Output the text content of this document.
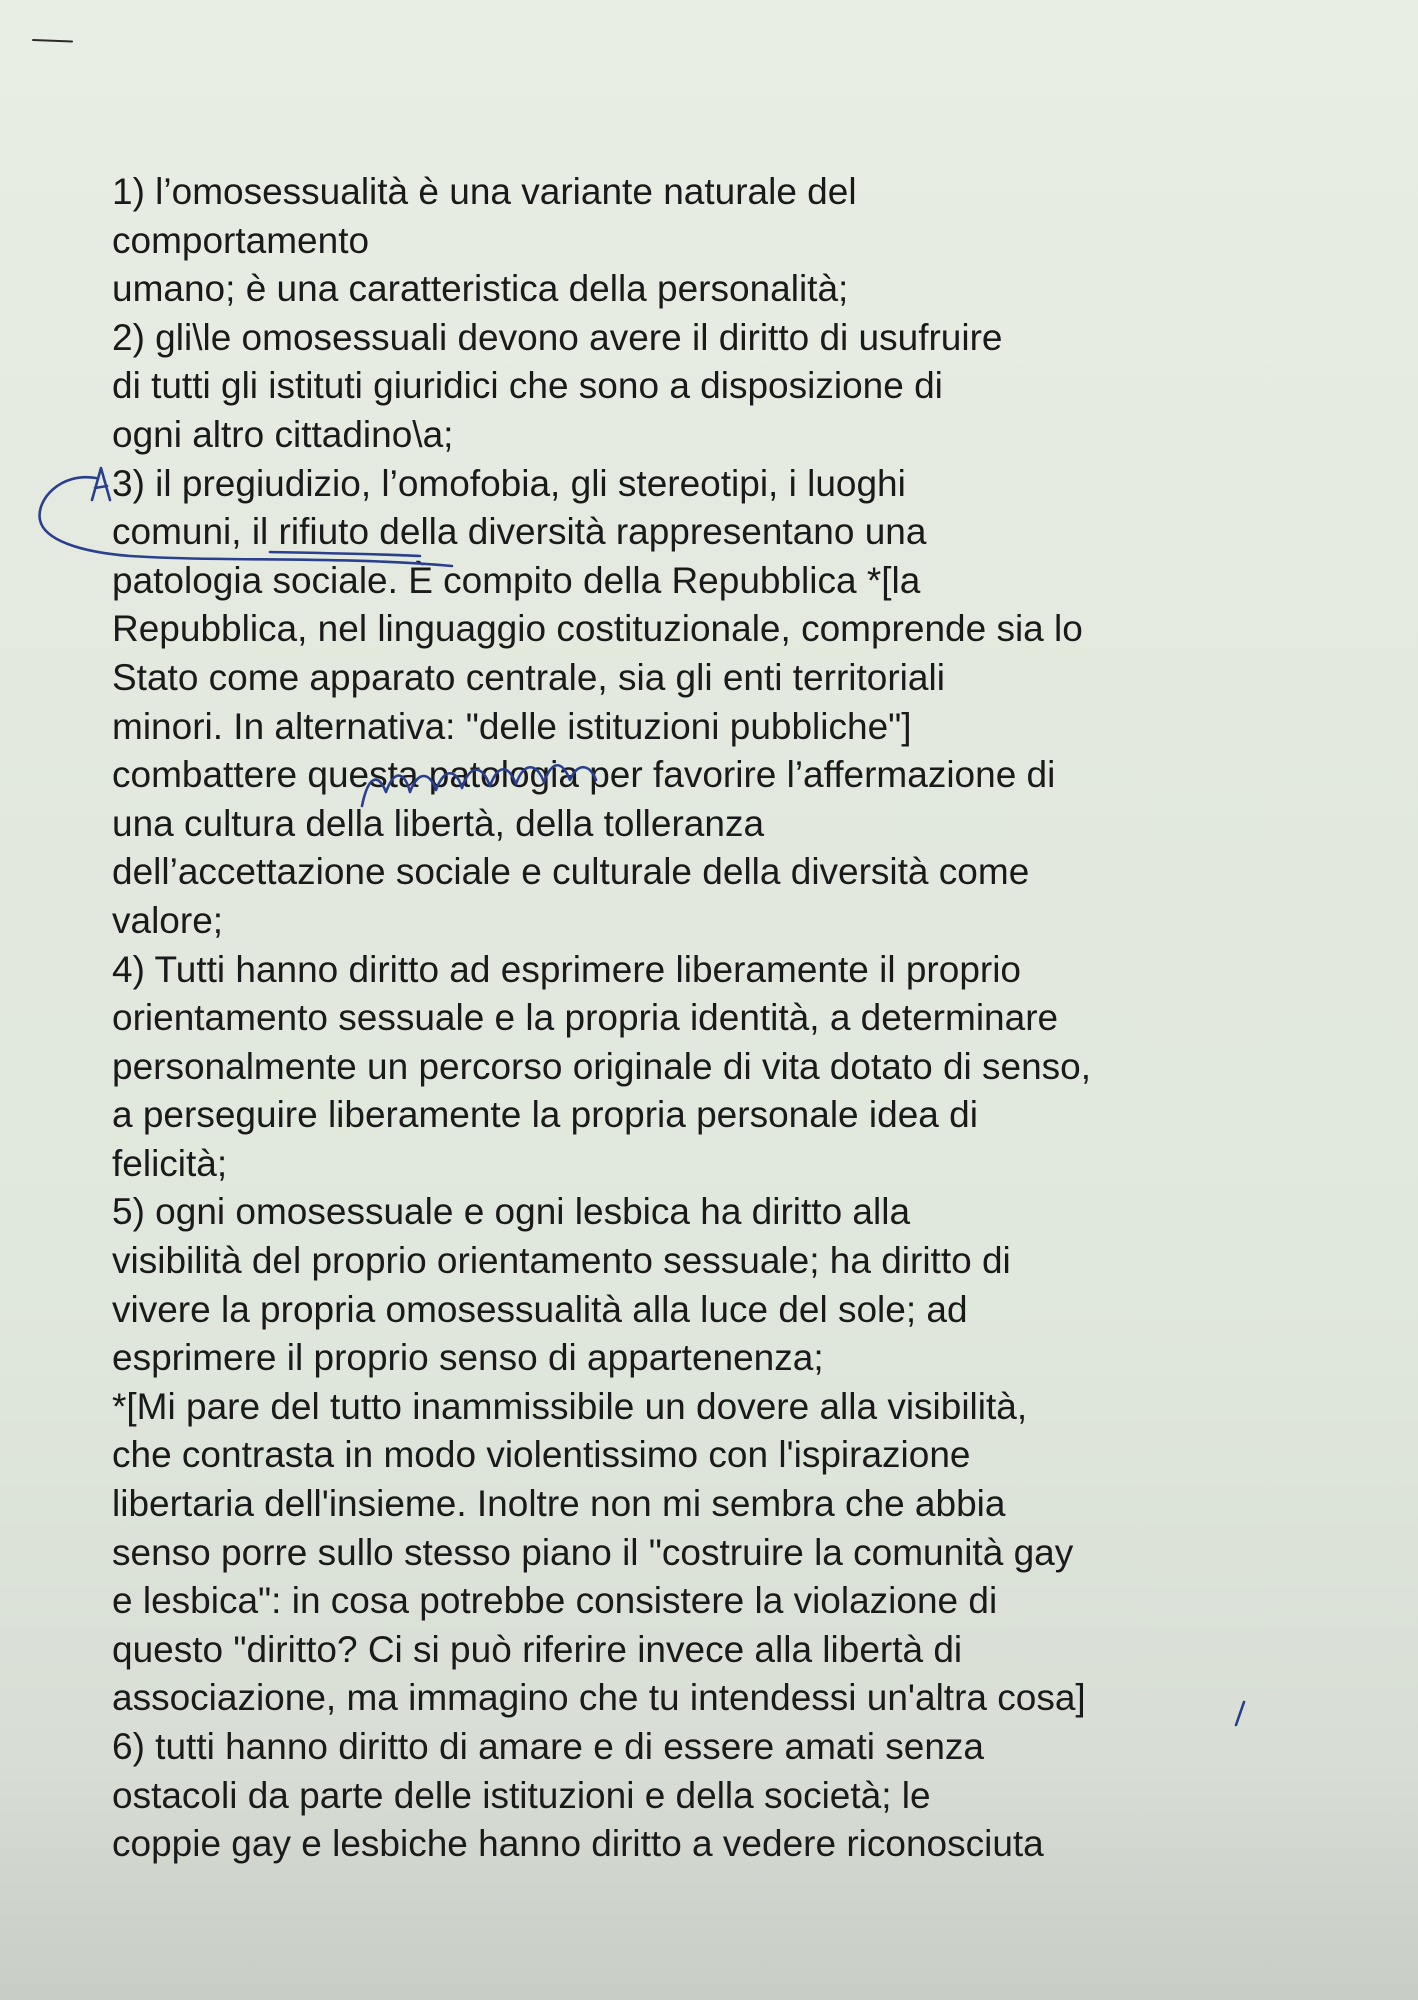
1) l’omosessualità è una variante naturale del
comportamento
umano; è una caratteristica della personalità;
2) gli\le omosessuali devono avere il diritto di usufruire
di tutti gli istituti giuridici che sono a disposizione di
ogni altro cittadino\a;
3) il pregiudizio, l’omofobia, gli stereotipi, i luoghi
comuni, il rifiuto della diversità rappresentano una
patologia sociale. È compito della Repubblica *[la
Repubblica, nel linguaggio costituzionale, comprende sia lo
Stato come apparato centrale, sia gli enti territoriali
minori. In alternativa: "delle istituzioni pubbliche"]
combattere questa patologia per favorire l’affermazione di
una cultura della libertà, della tolleranza
dell’accettazione sociale e culturale della diversità come
valore;
4) Tutti hanno diritto ad esprimere liberamente il proprio
orientamento sessuale e la propria identità, a determinare
personalmente un percorso originale di vita dotato di senso,
a perseguire liberamente la propria personale idea di
felicità;
5) ogni omosessuale e ogni lesbica ha diritto alla
visibilità del proprio orientamento sessuale; ha diritto di
vivere la propria omosessualità alla luce del sole; ad
esprimere il proprio senso di appartenenza;
*[Mi pare del tutto inammissibile un dovere alla visibilità,
che contrasta in modo violentissimo con l'ispirazione
libertaria dell'insieme. Inoltre non mi sembra che abbia
senso porre sullo stesso piano il "costruire la comunità gay
e lesbica": in cosa potrebbe consistere la violazione di
questo "diritto? Ci si può riferire invece alla libertà di
associazione, ma immagino che tu intendessi un'altra cosa]
6) tutti hanno diritto di amare e di essere amati senza
ostacoli da parte delle istituzioni e della società; le
coppie gay e lesbiche hanno diritto a vedere riconosciuta
